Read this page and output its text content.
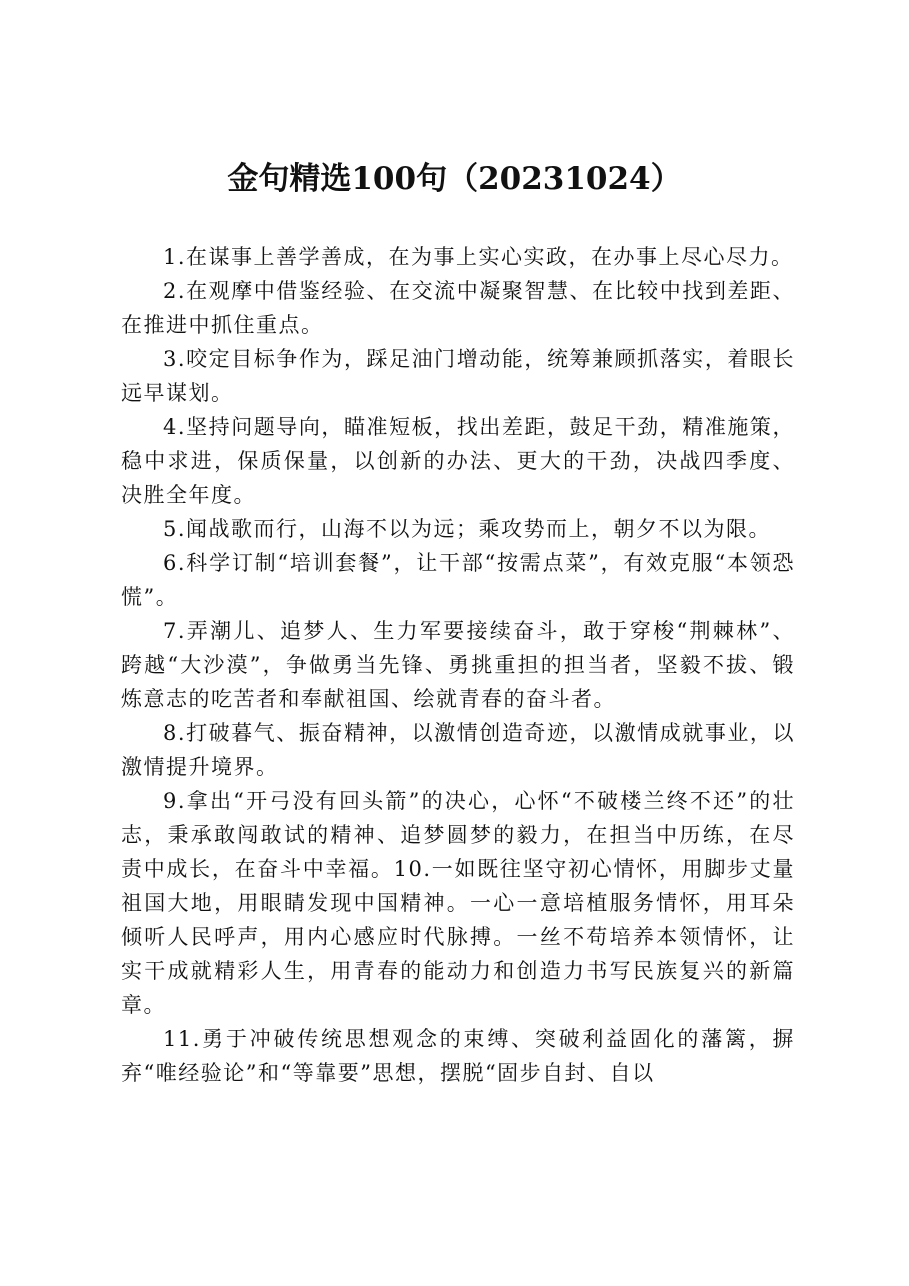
金句精选100句（20231024）

1.在谋事上善学善成，在为事上实心实政，在办事上尽心尽力。

2.在观摩中借鉴经验、在交流中凝聚智慧、在比较中找到差距、在推进中抓住重点。

3.咬定目标争作为，踩足油门增动能，统筹兼顾抓落实，着眼长远早谋划。

4.坚持问题导向，瞄准短板，找出差距，鼓足干劲，精准施策，稳中求进，保质保量，以创新的办法、更大的干劲，决战四季度、决胜全年度。

5.闻战歌而行，山海不以为远；乘攻势而上，朝夕不以为限。

6.科学订制“培训套餐”，让干部“按需点菜”，有效克服“本领恐慌”。

7.弄潮儿、追梦人、生力军要接续奋斗，敢于穿梭“荆棘林”、跨越“大沙漠”，争做勇当先锋、勇挑重担的担当者，坚毅不拔、锻炼意志的吃苦者和奉献祖国、绘就青春的奋斗者。

8.打破暮气、振奋精神，以激情创造奇迹，以激情成就事业，以激情提升境界。

9.拿出“开弓没有回头箭”的决心，心怀“不破楼兰终不还”的壮志，秉承敢闯敢试的精神、追梦圆梦的毅力，在担当中历练，在尽责中成长，在奋斗中幸福。10.一如既往坚守初心情怀，用脚步丈量祖国大地，用眼睛发现中国精神。一心一意培植服务情怀，用耳朵倾听人民呼声，用内心感应时代脉搏。一丝不苟培养本领情怀，让实干成就精彩人生，用青春的能动力和创造力书写民族复兴的新篇章。

11.勇于冲破传统思想观念的束缚、突破利益固化的藩篱，摒弃“唯经验论”和“等靠要”思想，摆脱“固步自封、自以
